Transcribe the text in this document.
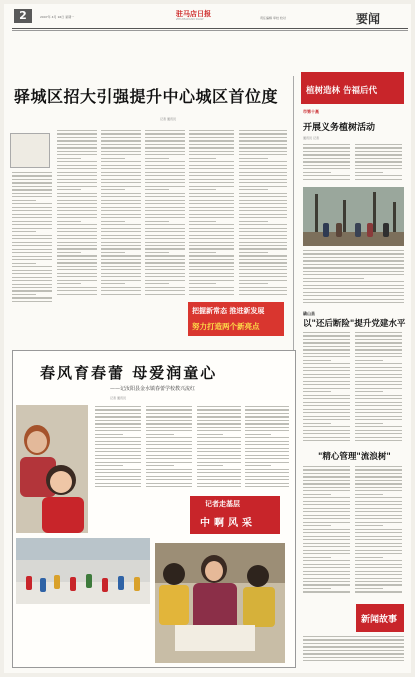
2	2007年 4月 16日 星期一	驻马店日报
ZHUMADIAN DAILY	责任编辑 审校 校对	要闻
驿城区招大引强提升中心城区首位度
记者 通讯员
把握新常态 推进新发展
努力打造两个新亮点
植树造林 告福后代
市第十高
开展义务植树活动
通讯员 记者
确山县
以"还后断险"提升党建水平
"精心管理"流浪树"
新闻故事
春风育春蕾 母爱润童心
——记汝阳县金水镇春蕾学校教兴流红
记者 通讯员
记者走基层
中啊风采
